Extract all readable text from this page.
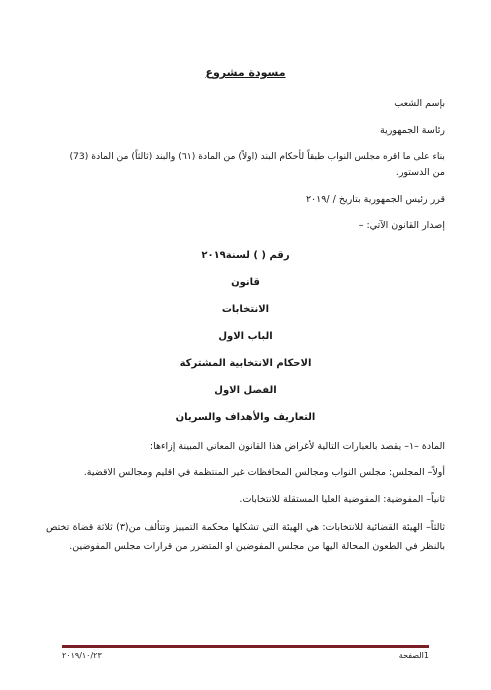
مسودة مشروع
بإسم الشعب
رئاسة الجمهورية
بناء على ما اقره مجلس النواب طبقاً لأحكام البند (اولاً) من المادة (٦١) والبند (ثالثاً) من المادة (73)
من الدستور.
قرر رئيس الجمهورية بتاريخ / /٢٠١٩
إصدار القانون الآتي: –
رقم ( ) لسنة٢٠١٩
قانون
الانتخابات
الباب الاول
الاحكام الانتخابية المشتركة
الفصل الاول
التعاريف والأهداف والسريان
المادة –١– يقصد بالعبارات التالية لأغراض هذا القانون المعاني المبينة إزاءها:
أولاً– المجلس: مجلس النواب ومجالس المحافظات غير المنتظمة في اقليم ومجالس الاقضية.
ثانياً– المفوضية: المفوضية العليا المستقلة للانتخابات.
ثالثاً– الهيئة القضائية للانتخابات: هي الهيئة التي تشكلها محكمة التمييز وتتألف من(٣) ثلاثة قضاة تختص بالنظر في الطعون المحالة اليها من مجلس المفوضين او المتضرر من قرارات مجلس المفوضين.
1الصفحة
٢٠١٩/١٠/٢٣
